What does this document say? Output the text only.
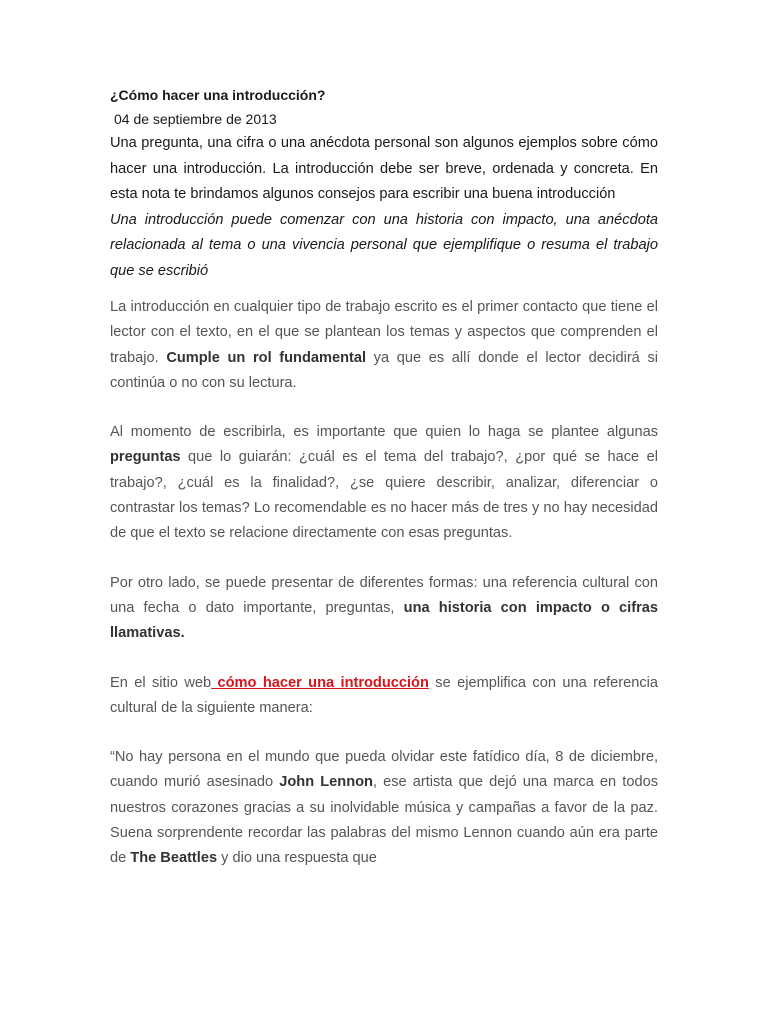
¿Cómo hacer una introducción?

04 de septiembre de 2013

Una pregunta, una cifra o una anécdota personal son algunos ejemplos sobre cómo hacer una introducción. La introducción debe ser breve, ordenada y concreta. En esta nota te brindamos algunos consejos para escribir una buena introducción

Una introducción puede comenzar con una historia con impacto, una anécdota relacionada al tema o una vivencia personal que ejemplifique o resuma el trabajo que se escribió

La introducción en cualquier tipo de trabajo escrito es el primer contacto que tiene el lector con el texto, en el que se plantean los temas y aspectos que comprenden el trabajo. Cumple un rol fundamental ya que es allí donde el lector decidirá si continúa o no con su lectura.

Al momento de escribirla, es importante que quien lo haga se plantee algunas preguntas que lo guiarán: ¿cuál es el tema del trabajo?, ¿por qué se hace el trabajo?, ¿cuál es la finalidad?, ¿se quiere describir, analizar, diferenciar o contrastar los temas? Lo recomendable es no hacer más de tres y no hay necesidad de que el texto se relacione directamente con esas preguntas.

Por otro lado, se puede presentar de diferentes formas: una referencia cultural con una fecha o dato importante, preguntas, una historia con impacto o cifras llamativas.

En el sitio web cómo hacer una introducción se ejemplifica con una referencia cultural de la siguiente manera:

“No hay persona en el mundo que pueda olvidar este fatídico día, 8 de diciembre, cuando murió asesinado John Lennon, ese artista que dejó una marca en todos nuestros corazones gracias a su inolvidable música y campañas a favor de la paz. Suena sorprendente recordar las palabras del mismo Lennon cuando aún era parte de The Beattles y dio una respuesta que
